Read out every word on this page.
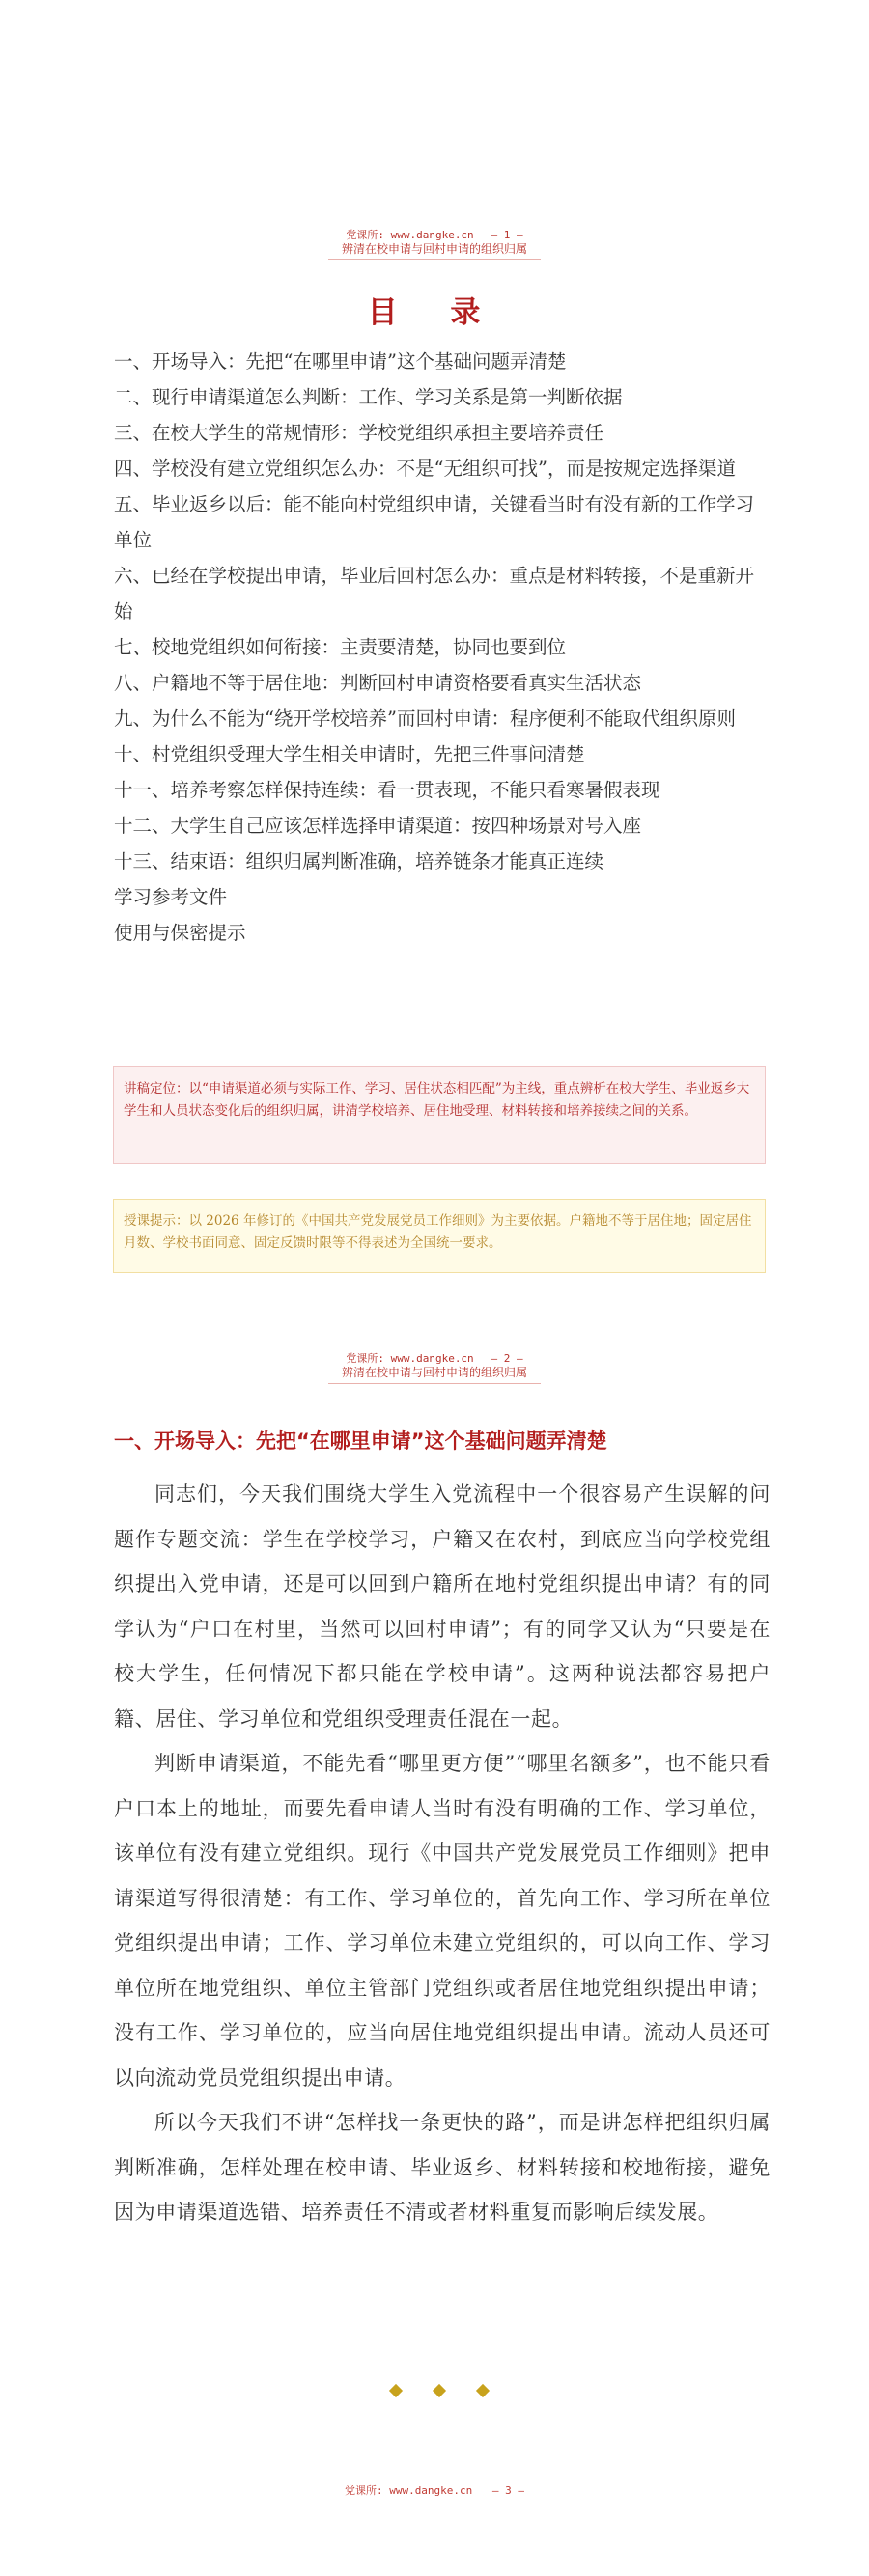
党课所: www.dangke.cn — 1 —
辨清在校申请与回村申请的组织归属
目 录
一、开场导入：先把“在哪里申请”这个基础问题弄清楚
二、现行申请渠道怎么判断：工作、学习关系是第一判断依据
三、在校大学生的常规情形：学校党组织承担主要培养责任
四、学校没有建立党组织怎么办：不是“无组织可找”，而是按规定选择渠道
五、毕业返乡以后：能不能向村党组织申请，关键看当时有没有新的工作学习单位
六、已经在学校提出申请，毕业后回村怎么办：重点是材料转接，不是重新开始
七、校地党组织如何衔接：主责要清楚，协同也要到位
八、户籍地不等于居住地：判断回村申请资格要看真实生活状态
九、为什么不能为“绕开学校培养”而回村申请：程序便利不能取代组织原则
十、村党组织受理大学生相关申请时，先把三件事问清楚
十一、培养考察怎样保持连续：看一贯表现，不能只看寒暑假表现
十二、大学生自己应该怎样选择申请渠道：按四种场景对号入座
十三、结束语：组织归属判断准确，培养链条才能真正连续
学习参考文件
使用与保密提示
讲稿定位：以“申请渠道必须与实际工作、学习、居住状态相匹配”为主线，重点辨析在校大学生、毕业返乡大学生和人员状态变化后的组织归属，讲清学校培养、居住地受理、材料转接和培养接续之间的关系。
授课提示：以 2026 年修订的《中国共产党发展党员工作细则》为主要依据。户籍地不等于居住地；固定居住月数、学校书面同意、固定反馈时限等不得表述为全国统一要求。
党课所: www.dangke.cn — 2 —
辨清在校申请与回村申请的组织归属
一、开场导入：先把“在哪里申请”这个基础问题弄清楚

同志们，今天我们围绕大学生入党流程中一个很容易产生误解的问题作专题交流：学生在学校学习，户籍又在农村，到底应当向学校党组织提出入党申请，还是可以回到户籍所在地村党组织提出申请？有的同学认为“户口在村里，当然可以回村申请”；有的同学又认为“只要是在校大学生，任何情况下都只能在学校申请”。这两种说法都容易把户籍、居住、学习单位和党组织受理责任混在一起。

判断申请渠道，不能先看“哪里更方便”“哪里名额多”，也不能只看户口本上的地址，而要先看申请人当时有没有明确的工作、学习单位，该单位有没有建立党组织。现行《中国共产党发展党员工作细则》把申请渠道写得很清楚：有工作、学习单位的，首先向工作、学习所在单位党组织提出申请；工作、学习单位未建立党组织的，可以向工作、学习单位所在地党组织、单位主管部门党组织或者居住地党组织提出申请；没有工作、学习单位的，应当向居住地党组织提出申请。流动人员还可以向流动党员党组织提出申请。

所以今天我们不讲“怎样找一条更快的路”，而是讲怎样把组织归属判断准确，怎样处理在校申请、毕业返乡、材料转接和校地衔接，避免因为申请渠道选错、培养责任不清或者材料重复而影响后续发展。

党课所: www.dangke.cn — 3 —
